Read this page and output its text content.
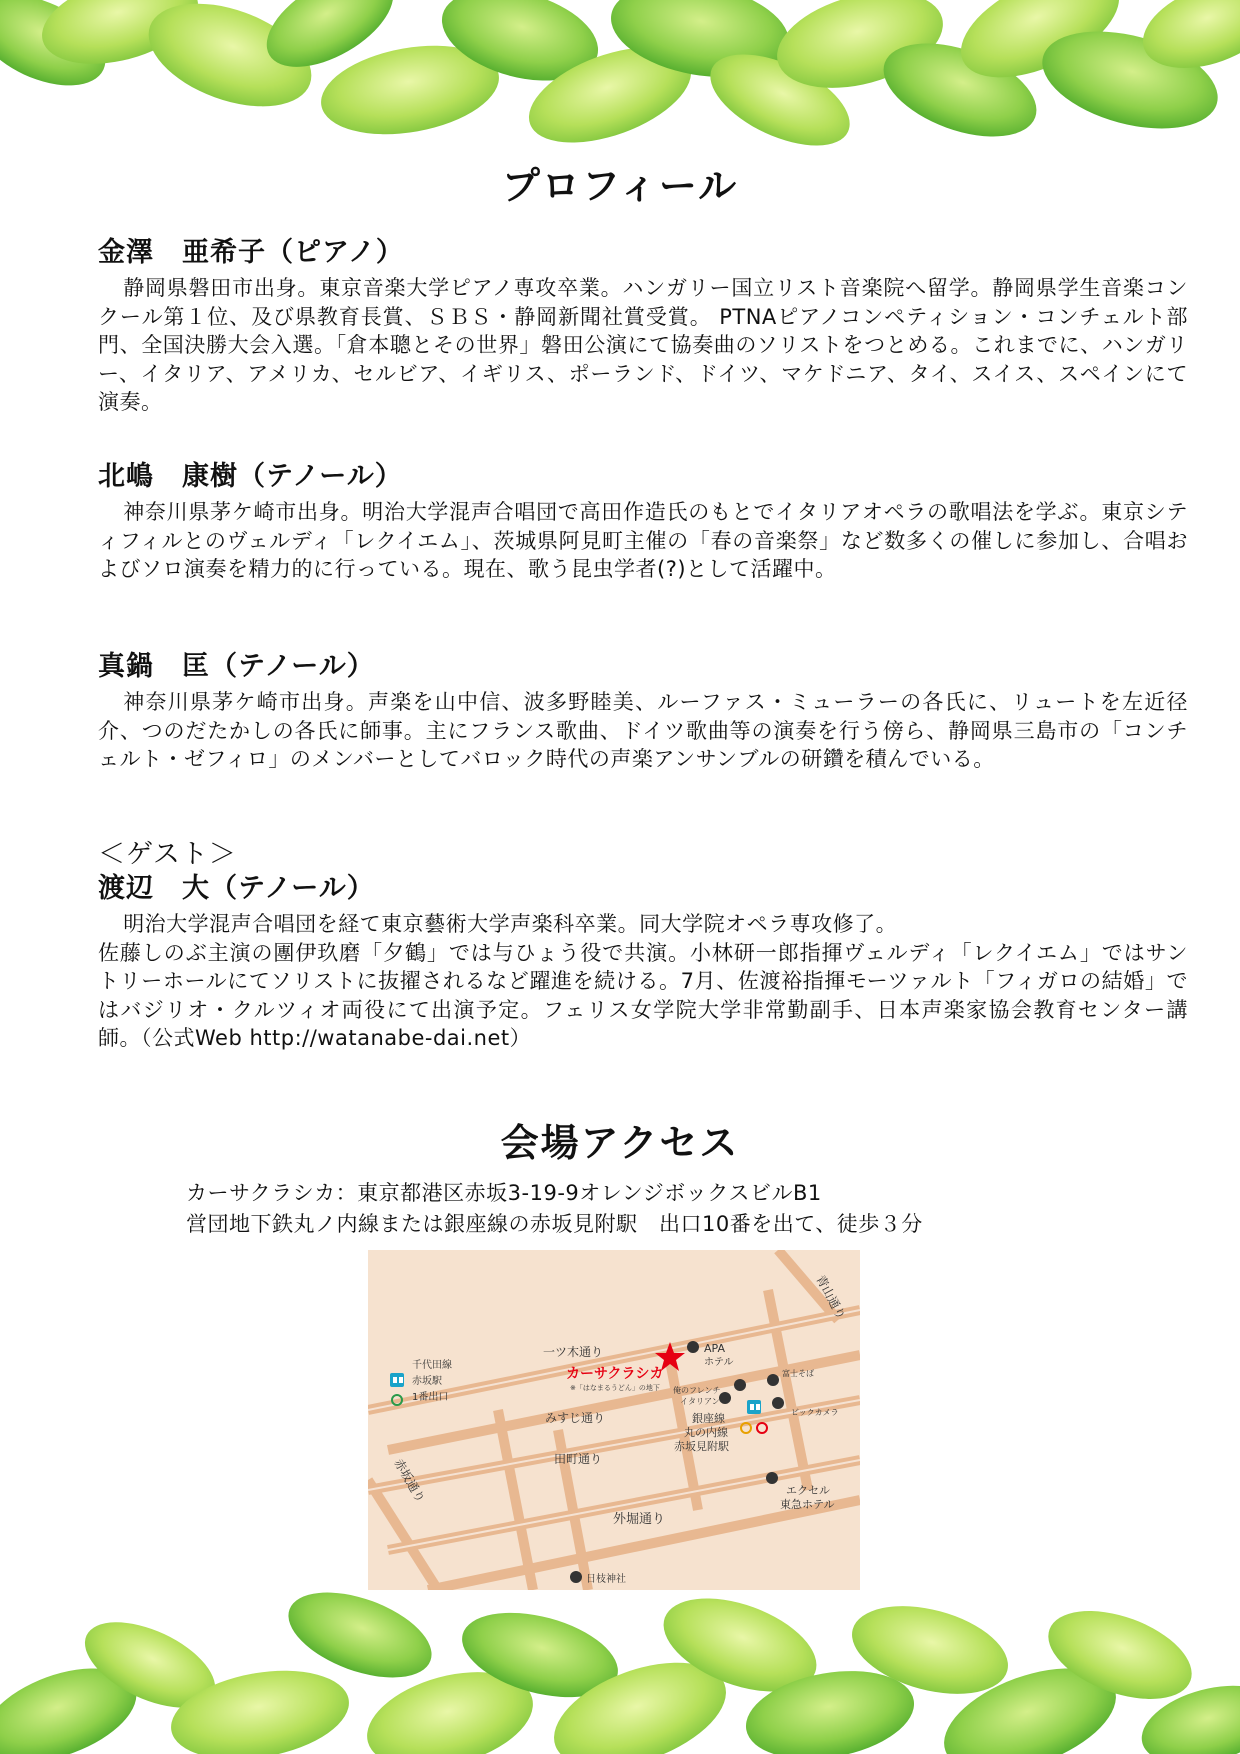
プロフィール
金澤　亜希子（ピアノ）

静岡県磐田市出身。東京音楽大学ピアノ専攻卒業。ハンガリー国立リスト音楽院へ留学。静岡県学生音楽コンクール第１位、及び県教育長賞、ＳＢＳ・静岡新聞社賞受賞。 PTNAピアノコンペティション・コンチェルト部門、全国決勝大会入選。「倉本聰とその世界」磐田公演にて協奏曲のソリストをつとめる。これまでに、ハンガリー、イタリア、アメリカ、セルビア、イギリス、ポーランド、ドイツ、マケドニア、タイ、スイス、スペインにて演奏。

北嶋　康樹（テノール）

神奈川県茅ケ崎市出身。明治大学混声合唱団で高田作造氏のもとでイタリアオペラの歌唱法を学ぶ。東京シティフィルとのヴェルディ「レクイエム」、茨城県阿見町主催の「春の音楽祭」など数多くの催しに参加し、合唱およびソロ演奏を精力的に行っている。現在、歌う昆虫学者(?)として活躍中。

真鍋　匡（テノール）

神奈川県茅ケ崎市出身。声楽を山中信、波多野睦美、ルーファス・ミューラーの各氏に、リュートを左近径介、つのだたかしの各氏に師事。主にフランス歌曲、ドイツ歌曲等の演奏を行う傍ら、静岡県三島市の「コンチェルト・ゼフィロ」のメンバーとしてバロック時代の声楽アンサンブルの研鑽を積んでいる。

＜ゲスト＞
渡辺　大（テノール）

明治大学混声合唱団を経て東京藝術大学声楽科卒業。同大学院オペラ専攻修了。

佐藤しのぶ主演の團伊玖磨「夕鶴」では与ひょう役で共演。小林研一郎指揮ヴェルディ「レクイエム」ではサントリーホールにてソリストに抜擢されるなど躍進を続ける。7月、佐渡裕指揮モーツァルト「フィガロの結婚」ではバジリオ・クルツィオ両役にて出演予定。フェリス女学院大学非常勤副手、日本声楽家協会教育センター講師。（公式Web http://watanabe-dai.net）

会場アクセス
カーサクラシカ：東京都港区赤坂3-19-9オレンジボックスビルB1
営団地下鉄丸ノ内線または銀座線の赤坂見附駅　出口10番を出て、徒歩３分
青山通り
一ツ木通り
カーサクラシカ
※「はなまるうどん」の地下
APA
ホテル
千代田線
赤坂駅
1番出口
富士そば
俺のフレンチ
イタリアン
みすじ通り	ビックカメラ
銀座線
丸の内線
赤坂見附駅
田町通り
赤坂通り	エクセル
東急ホテル
外堀通り
日枝神社
